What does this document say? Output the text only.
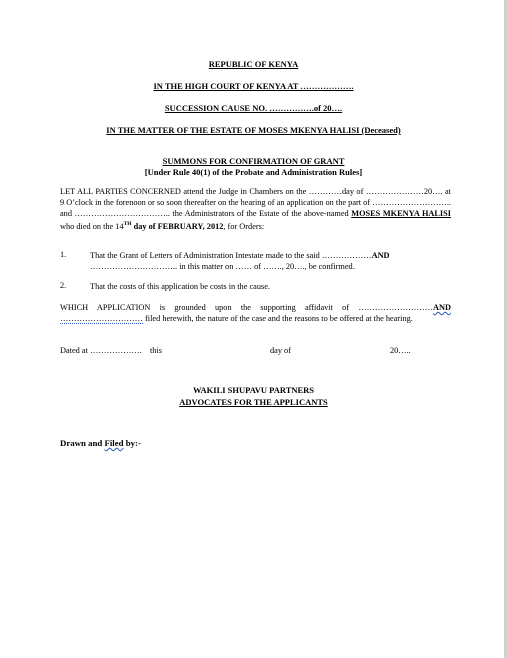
REPUBLIC OF KENYA
IN THE HIGH COURT OF KENYA AT ……………….
SUCCESSION CAUSE NO. …………….of 20….
IN THE MATTER OF THE ESTATE OF MOSES MKENYA HALISI (Deceased)
SUMMONS FOR CONFIRMATION OF GRANT
[Under Rule 40(1) of the Probate and Administration Rules]
LET ALL PARTIES CONCERNED attend the Judge in Chambers on the …………day of …………………20…. at 9 O’clock in the forenoon or so soon thereafter on the hearing of an application on the part of ……………………….. and …………………………….. the Administrators of the Estate of the above-named MOSES MKENYA HALISI who died on the 14TH day of FEBRUARY, 2012, for Orders:
1.	That the Grant of Letters of Administration Intestate made to the said ………………AND ………………………….. in this matter on …… of ……., 20…., be confirmed.
2.	That the costs of this application be costs in the cause.
WHICH APPLICATION is grounded upon the supporting affidavit of ………………………AND ………………………… filed herewith, the nature of the case and the reasons to be offered at the hearing.
Dated at ………………. this	day of	20…..
WAKILI SHUPAVU PARTNERS
ADVOCATES FOR THE APPLICANTS
Drawn and Filed by:-
